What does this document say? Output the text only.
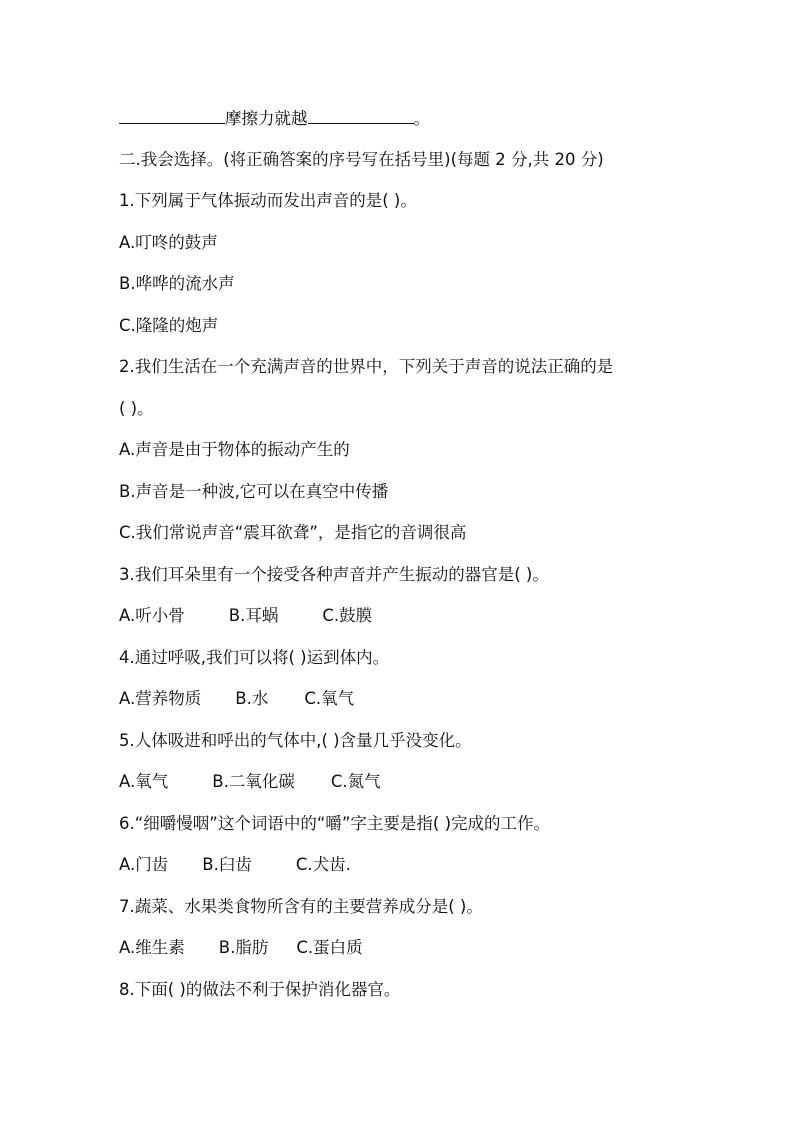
摩擦力就越	。
二.我会选择。(将正确答案的序号写在括号里)(每题 2 分,共 20 分)
1.下列属于气体振动而发出声音的是( )。
A.叮咚的鼓声
B.哗哗的流水声
C.隆隆的炮声
2.我们生活在一个充满声音的世界中，下列关于声音的说法正确的是
( )。
A.声音是由于物体的振动产生的
B.声音是一种波,它可以在真空中传播
C.我们常说声音“震耳欲聋”，是指它的音调很高
3.我们耳朵里有一个接受各种声音并产生振动的器官是( )。
A.听小骨	B.耳蜗	C.鼓膜
4.通过呼吸,我们可以将( )运到体内。
A.营养物质 B.水 C.氧气
5.人体吸进和呼出的气体中,( )含量几乎没变化。
A.氧气	B.二氧化碳 C.氮气
6.“细嚼慢咽”这个词语中的“嚼”字主要是指( )完成的工作。
A.门齿 B.臼齿	C.犬齿.
7.蔬菜、水果类食物所含有的主要营养成分是( )。
A.维生素 B.脂肪 C.蛋白质
8.下面( )的做法不利于保护消化器官。
